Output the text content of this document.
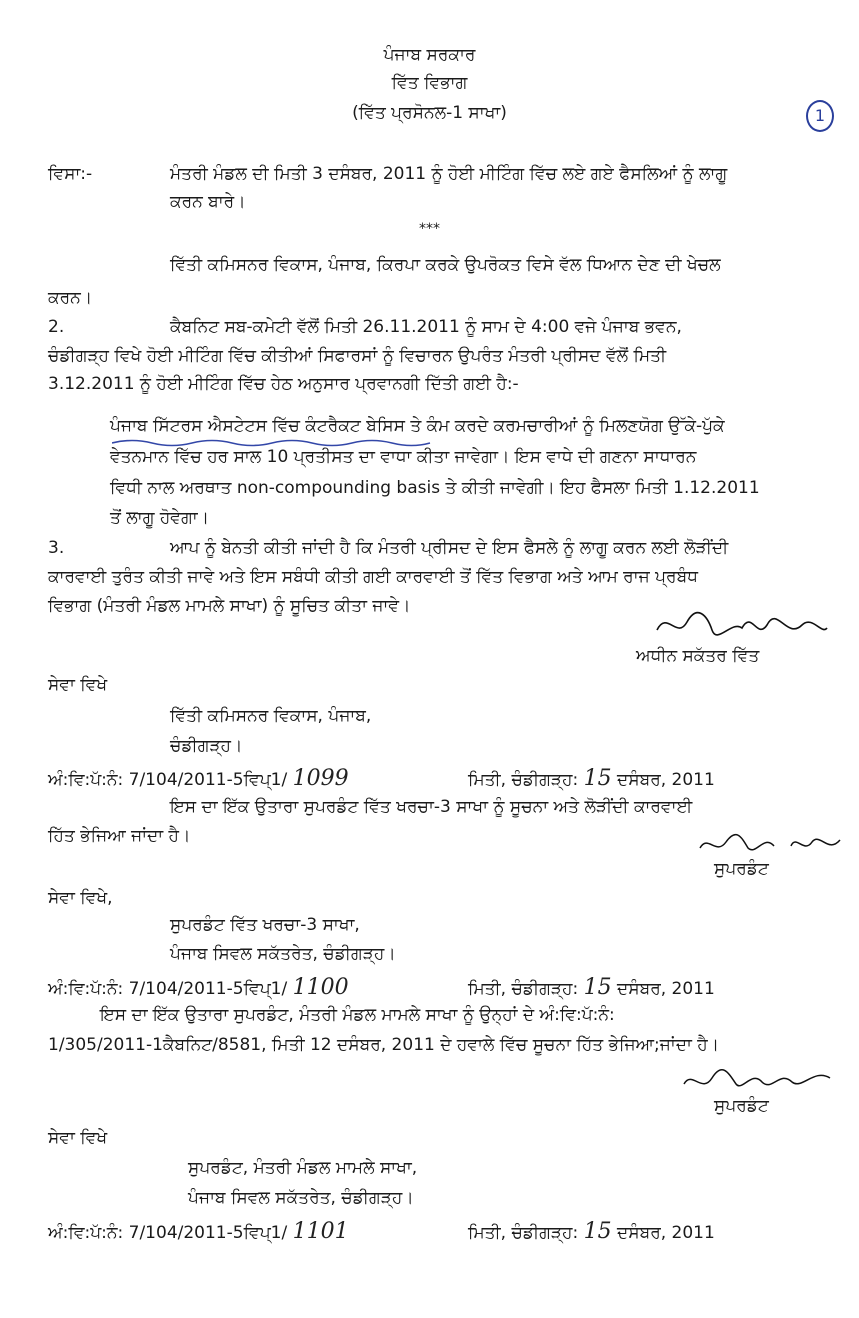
ਪੰਜਾਬ ਸਰਕਾਰ
ਵਿੱਤ ਵਿਭਾਗ
(ਵਿੱਤ ਪ੍ਰਸੋਨਲ-1 ਸਾਖਾ)	1
ਵਿਸਾ:-	ਮੰਤਰੀ ਮੰਡਲ ਦੀ ਮਿਤੀ 3 ਦਸੰਬਰ, 2011 ਨੂੰ ਹੋਈ ਮੀਟਿੰਗ ਵਿੱਚ ਲਏ ਗਏ ਫੈਸਲਿਆਂ ਨੂੰ ਲਾਗੂ
ਕਰਨ ਬਾਰੇ।
***
ਵਿੱਤੀ ਕਮਿਸਨਰ ਵਿਕਾਸ, ਪੰਜਾਬ, ਕਿਰਪਾ ਕਰਕੇ ਉਪਰੋਕਤ ਵਿਸੇ ਵੱਲ ਧਿਆਨ ਦੇਣ ਦੀ ਖੇਚਲ
ਕਰਨ।
2.	ਕੈਬਨਿਟ ਸਬ-ਕਮੇਟੀ ਵੱਲੋਂ ਮਿਤੀ 26.11.2011 ਨੂੰ ਸਾਮ ਦੇ 4:00 ਵਜੇ ਪੰਜਾਬ ਭਵਨ,
ਚੰਡੀਗੜ੍ਹ ਵਿਖੇ ਹੋਈ ਮੀਟਿੰਗ ਵਿੱਚ ਕੀਤੀਆਂ ਸਿਫਾਰਸਾਂ ਨੂੰ ਵਿਚਾਰਨ ਉਪਰੰਤ ਮੰਤਰੀ ਪ੍ਰੀਸਦ ਵੱਲੋਂ ਮਿਤੀ
3.12.2011 ਨੂੰ ਹੋਈ ਮੀਟਿੰਗ ਵਿੱਚ ਹੇਠ ਅਨੁਸਾਰ ਪ੍ਰਵਾਨਗੀ ਦਿੱਤੀ ਗਈ ਹੈ:-
ਪੰਜਾਬ ਸਿੱਟਰਸ ਐਸਟੇਟਸ ਵਿੱਚ ਕੰਟਰੈਕਟ ਬੇਸਿਸ ਤੇ ਕੰਮ ਕਰਦੇ ਕਰਮਚਾਰੀਆਂ ਨੂੰ ਮਿਲਣਯੋਗ ਉੱਕੇ-ਪੁੱਕੇ
ਵੇਤਨਮਾਨ ਵਿੱਚ ਹਰ ਸਾਲ 10 ਪ੍ਰਤੀਸਤ ਦਾ ਵਾਧਾ ਕੀਤਾ ਜਾਵੇਗਾ। ਇਸ ਵਾਧੇ ਦੀ ਗਣਨਾ ਸਾਧਾਰਨ
ਵਿਧੀ ਨਾਲ ਅਰਥਾਤ non-compounding basis ਤੇ ਕੀਤੀ ਜਾਵੇਗੀ। ਇਹ ਫੈਸਲਾ ਮਿਤੀ 1.12.2011
ਤੋਂ ਲਾਗੂ ਹੋਵੇਗਾ।
3.	ਆਪ ਨੂੰ ਬੇਨਤੀ ਕੀਤੀ ਜਾਂਦੀ ਹੈ ਕਿ ਮੰਤਰੀ ਪ੍ਰੀਸਦ ਦੇ ਇਸ ਫੈਸਲੇ ਨੂੰ ਲਾਗੂ ਕਰਨ ਲਈ ਲੋੜੀਂਦੀ
ਕਾਰਵਾਈ ਤੁਰੰਤ ਕੀਤੀ ਜਾਵੇ ਅਤੇ ਇਸ ਸਬੰਧੀ ਕੀਤੀ ਗਈ ਕਾਰਵਾਈ ਤੋਂ ਵਿੱਤ ਵਿਭਾਗ ਅਤੇ ਆਮ ਰਾਜ ਪ੍ਰਬੰਧ
ਵਿਭਾਗ (ਮੰਤਰੀ ਮੰਡਲ ਮਾਮਲੇ ਸਾਖਾ) ਨੂੰ ਸੂਚਿਤ ਕੀਤਾ ਜਾਵੇ।
ਅਧੀਨ ਸਕੱਤਰ ਵਿੱਤ
ਸੇਵਾ ਵਿਖੇ
ਵਿੱਤੀ ਕਮਿਸਨਰ ਵਿਕਾਸ, ਪੰਜਾਬ,
ਚੰਡੀਗੜ੍ਹ।
ਅੰ:ਵਿ:ਪੱ:ਨੰ: 7/104/2011-5ਵਿਪ੍1/ 1099	ਮਿਤੀ, ਚੰਡੀਗੜ੍ਹ: 15 ਦਸੰਬਰ, 2011
ਇਸ ਦਾ ਇੱਕ ਉਤਾਰਾ ਸੁਪਰਡੰਟ ਵਿੱਤ ਖਰਚਾ-3 ਸਾਖਾ ਨੂੰ ਸੂਚਨਾ ਅਤੇ ਲੋੜੀਂਦੀ ਕਾਰਵਾਈ
ਹਿੱਤ ਭੇਜਿਆ ਜਾਂਦਾ ਹੈ।
ਸੁਪਰਡੰਟ
ਸੇਵਾ ਵਿਖੇ,
ਸੁਪਰਡੰਟ ਵਿੱਤ ਖਰਚਾ-3 ਸਾਖਾ,
ਪੰਜਾਬ ਸਿਵਲ ਸਕੱਤਰੇਤ, ਚੰਡੀਗੜ੍ਹ।
ਅੰ:ਵਿ:ਪੱ:ਨੰ: 7/104/2011-5ਵਿਪ੍1/ 1100	ਮਿਤੀ, ਚੰਡੀਗੜ੍ਹ: 15 ਦਸੰਬਰ, 2011
ਇਸ ਦਾ ਇੱਕ ਉਤਾਰਾ ਸੁਪਰਡੰਟ, ਮੰਤਰੀ ਮੰਡਲ ਮਾਮਲੇ ਸਾਖਾ ਨੂੰ ਉਨ੍ਹਾਂ ਦੇ ਅੰ:ਵਿ:ਪੱ:ਨੰ:
1/305/2011-1ਕੈਬਨਿਟ/8581, ਮਿਤੀ 12 ਦਸੰਬਰ, 2011 ਦੇ ਹਵਾਲੇ ਵਿੱਚ ਸੂਚਨਾ ਹਿੱਤ ਭੇਜਿਆ;ਜਾਂਦਾ ਹੈ।
ਸੁਪਰਡੰਟ
ਸੇਵਾ ਵਿਖੇ
ਸੁਪਰਡੰਟ, ਮੰਤਰੀ ਮੰਡਲ ਮਾਮਲੇ ਸਾਖਾ,
ਪੰਜਾਬ ਸਿਵਲ ਸਕੱਤਰੇਤ, ਚੰਡੀਗੜ੍ਹ।
ਅੰ:ਵਿ:ਪੱ:ਨੰ: 7/104/2011-5ਵਿਪ੍1/ 1101	ਮਿਤੀ, ਚੰਡੀਗੜ੍ਹ: 15 ਦਸੰਬਰ, 2011
